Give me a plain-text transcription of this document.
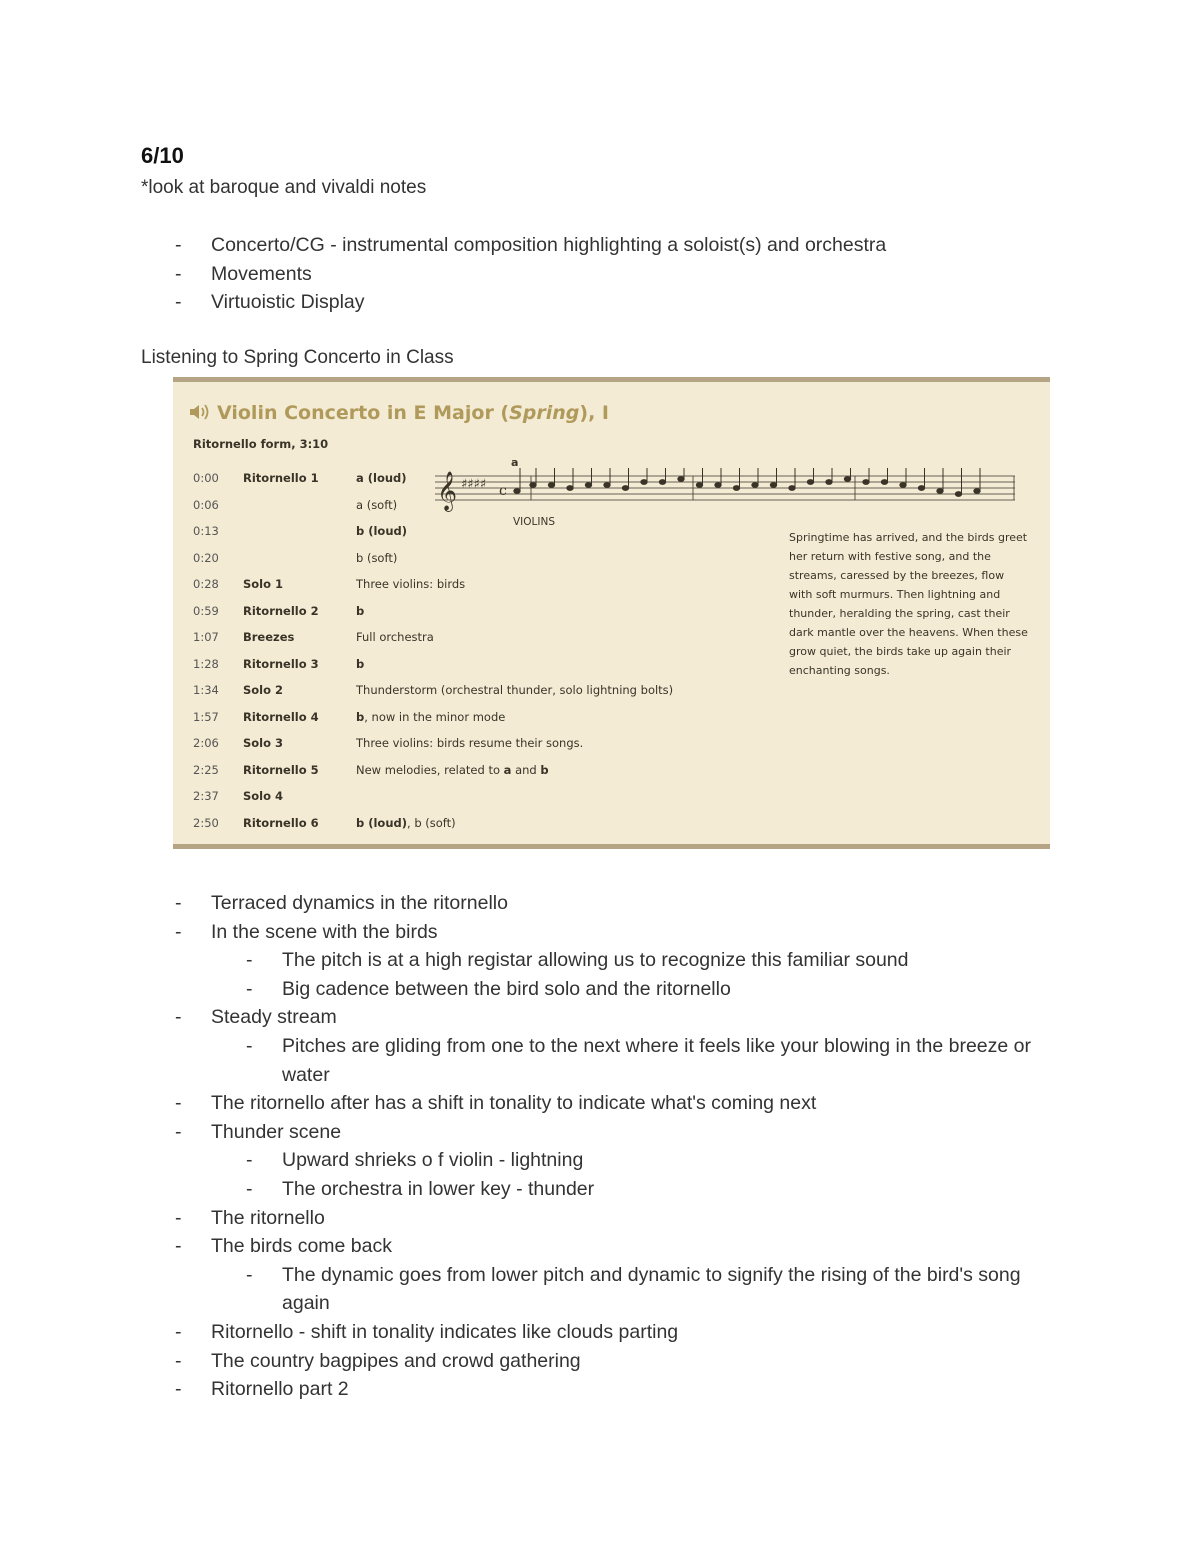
6/10
*look at baroque and vivaldi notes
- Concerto/CG - instrumental composition highlighting a soloist(s) and orchestra
- Movements
- Virtuoistic Display
Listening to Spring Concerto in Class
Violin Concerto in E Major (Spring), I
Ritornello form, 3:10
0:00 Ritornello 1	a (loud)
0:06	a (soft)
0:13	b (loud)
0:20	b (soft)
0:28 Solo 1	Three violins: birds
0:59 Ritornello 2	b
1:07 Breezes	Full orchestra
1:28 Ritornello 3	b
1:34 Solo 2	Thunderstorm (orchestral thunder, solo lightning bolts)
1:57 Ritornello 4	b, now in the minor mode
2:06 Solo 3	Three violins: birds resume their songs.
2:25 Ritornello 5	New melodies, related to a and b
2:37 Solo 4
2:50 Ritornello 6	b (loud), b (soft)
a
𝄞 ♯♯♯♯ c
VIOLINS
Springtime has arrived, and the birds greet her return with festive song, and the streams, caressed by the breezes, flow with soft murmurs. Then lightning and thunder, heralding the spring, cast their dark mantle over the heavens. When these grow quiet, the birds take up again their enchanting songs.
- Terraced dynamics in the ritornello
- In the scene with the birds
- The pitch is at a high registar allowing us to recognize this familiar sound
- Big cadence between the bird solo and the ritornello
- Steady stream
- Pitches are gliding from one to the next where it feels like your blowing in the breeze or water
- The ritornello after has a shift in tonality to indicate what's coming next
- Thunder scene
- Upward shrieks o f violin - lightning
- The orchestra in lower key - thunder
- The ritornello
- The birds come back
- The dynamic goes from lower pitch and dynamic to signify the rising of the bird's song again
- Ritornello - shift in tonality indicates like clouds parting
- The country bagpipes and crowd gathering
- Ritornello part 2
